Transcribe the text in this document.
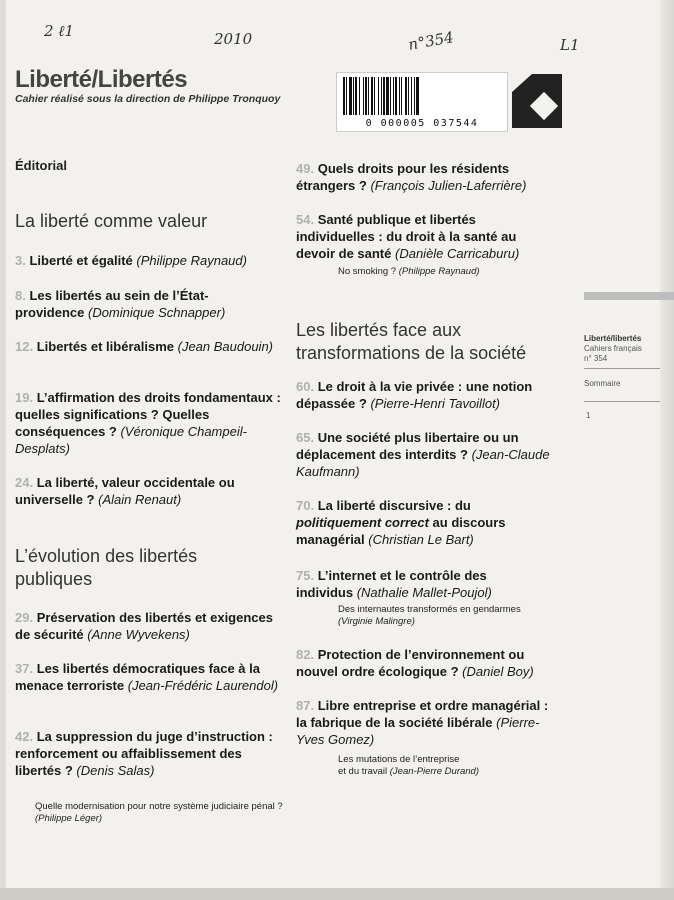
2 ℓ1	2010	n°354	L1
Liberté/Libertés
Cahier réalisé sous la direction de Philippe Tronquoy
0 000005 037544
Éditorial
La liberté comme valeur
3. Liberté et égalité (Philippe Raynaud)
8. Les libertés au sein de l’État-providence (Dominique Schnapper)
12. Libertés et libéralisme (Jean Baudouin)
19. L’affirmation des droits fondamentaux : quelles significations ? Quelles conséquences ? (Véronique Champeil-Desplats)
24. La liberté, valeur occidentale ou universelle ? (Alain Renaut)
L’évolution des libertés publiques
29. Préservation des libertés et exigences de sécurité (Anne Wyvekens)
37. Les libertés démocratiques face à la menace terroriste (Jean-Frédéric Laurendol)
42. La suppression du juge d’instruction : renforcement ou affaiblissement des libertés ? (Denis Salas)
Quelle modernisation pour notre système judiciaire pénal ? (Philippe Léger)
49. Quels droits pour les résidents étrangers ? (François Julien-Laferrière)
54. Santé publique et libertés individuelles : du droit à la santé au devoir de santé (Danièle Carricaburu)
No smoking ? (Philippe Raynaud)
Les libertés face aux transformations de la société
60. Le droit à la vie privée : une notion dépassée ? (Pierre-Henri Tavoillot)
65. Une société plus libertaire ou un déplacement des interdits ? (Jean-Claude Kaufmann)
70. La liberté discursive : du politiquement correct au discours managérial (Christian Le Bart)
75. L’internet et le contrôle des individus (Nathalie Mallet-Poujol)
Des internautes transformés en gendarmes
(Virginie Malingre)
82. Protection de l’environnement ou nouvel ordre écologique ? (Daniel Boy)
87. Libre entreprise et ordre managérial : la fabrique de la société libérale (Pierre-Yves Gomez)
Les mutations de l’entreprise
et du travail (Jean-Pierre Durand)
Liberté/libertés
Cahiers français
n° 354
Sommaire
1
